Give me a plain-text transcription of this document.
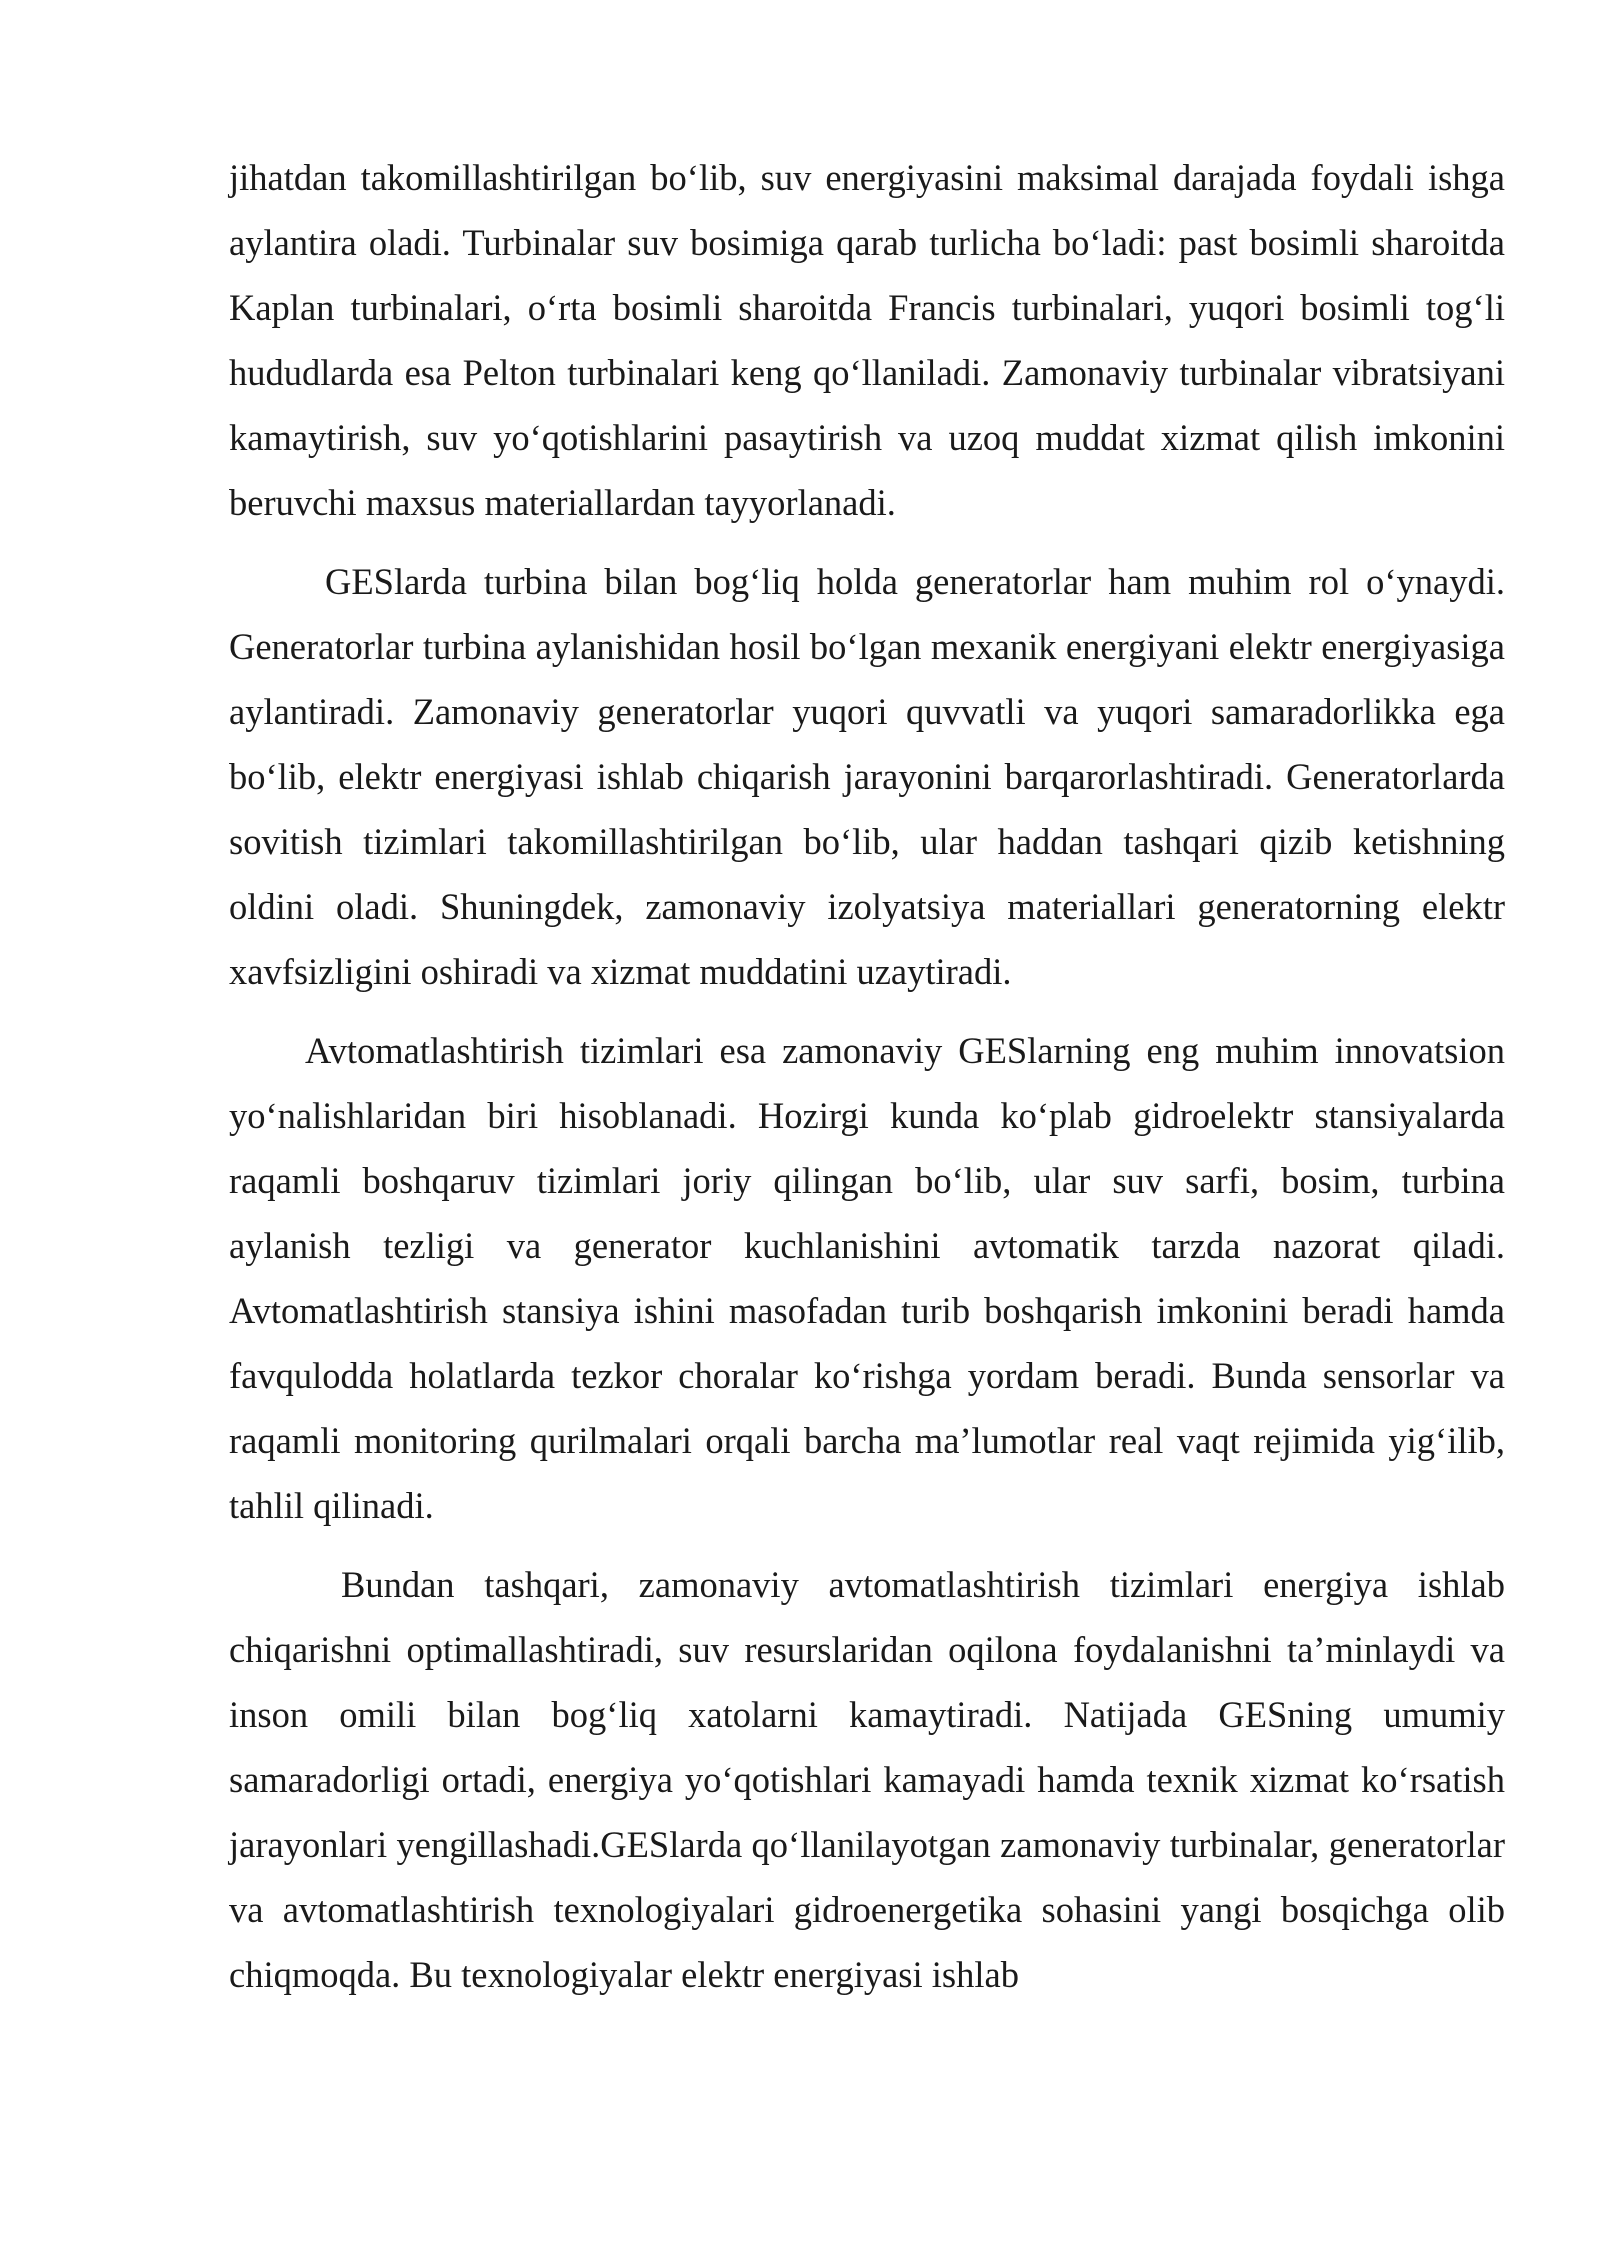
jihatdan takomillashtirilgan boʻlib, suv energiyasini maksimal darajada foydali ishga aylantira oladi. Turbinalar suv bosimiga qarab turlicha boʻladi: past bosimli sharoitda Kaplan turbinalari, oʻrta bosimli sharoitda Francis turbinalari, yuqori bosimli togʻli hududlarda esa Pelton turbinalari keng qoʻllaniladi. Zamonaviy turbinalar vibratsiyani kamaytirish, suv yoʻqotishlarini pasaytirish va uzoq muddat xizmat qilish imkonini beruvchi maxsus materiallardan tayyorlanadi.

GESlarda turbina bilan bogʻliq holda generatorlar ham muhim rol oʻynaydi. Generatorlar turbina aylanishidan hosil boʻlgan mexanik energiyani elektr energiyasiga aylantiradi. Zamonaviy generatorlar yuqori quvvatli va yuqori samaradorlikka ega boʻlib, elektr energiyasi ishlab chiqarish jarayonini barqarorlashtiradi. Generatorlarda sovitish tizimlari takomillashtirilgan boʻlib, ular haddan tashqari qizib ketishning oldini oladi. Shuningdek, zamonaviy izolyatsiya materiallari generatorning elektr xavfsizligini oshiradi va xizmat muddatini uzaytiradi.

Avtomatlashtirish tizimlari esa zamonaviy GESlarning eng muhim innovatsion yoʻnalishlaridan biri hisoblanadi. Hozirgi kunda koʻplab gidroelektr stansiyalarda raqamli boshqaruv tizimlari joriy qilingan boʻlib, ular suv sarfi, bosim, turbina aylanish tezligi va generator kuchlanishini avtomatik tarzda nazorat qiladi. Avtomatlashtirish stansiya ishini masofadan turib boshqarish imkonini beradi hamda favqulodda holatlarda tezkor choralar koʻrishga yordam beradi. Bunda sensorlar va raqamli monitoring qurilmalari orqali barcha maʼlumotlar real vaqt rejimida yigʻilib, tahlil qilinadi.

Bundan tashqari, zamonaviy avtomatlashtirish tizimlari energiya ishlab chiqarishni optimallashtiradi, suv resurslaridan oqilona foydalanishni taʼminlaydi va inson omili bilan bogʻliq xatolarni kamaytiradi. Natijada GESning umumiy samaradorligi ortadi, energiya yoʻqotishlari kamayadi hamda texnik xizmat koʻrsatish jarayonlari yengillashadi.GESlarda qoʻllanilayotgan zamonaviy turbinalar, generatorlar va avtomatlashtirish texnologiyalari gidroenergetika sohasini yangi bosqichga olib chiqmoqda. Bu texnologiyalar elektr energiyasi ishlab
